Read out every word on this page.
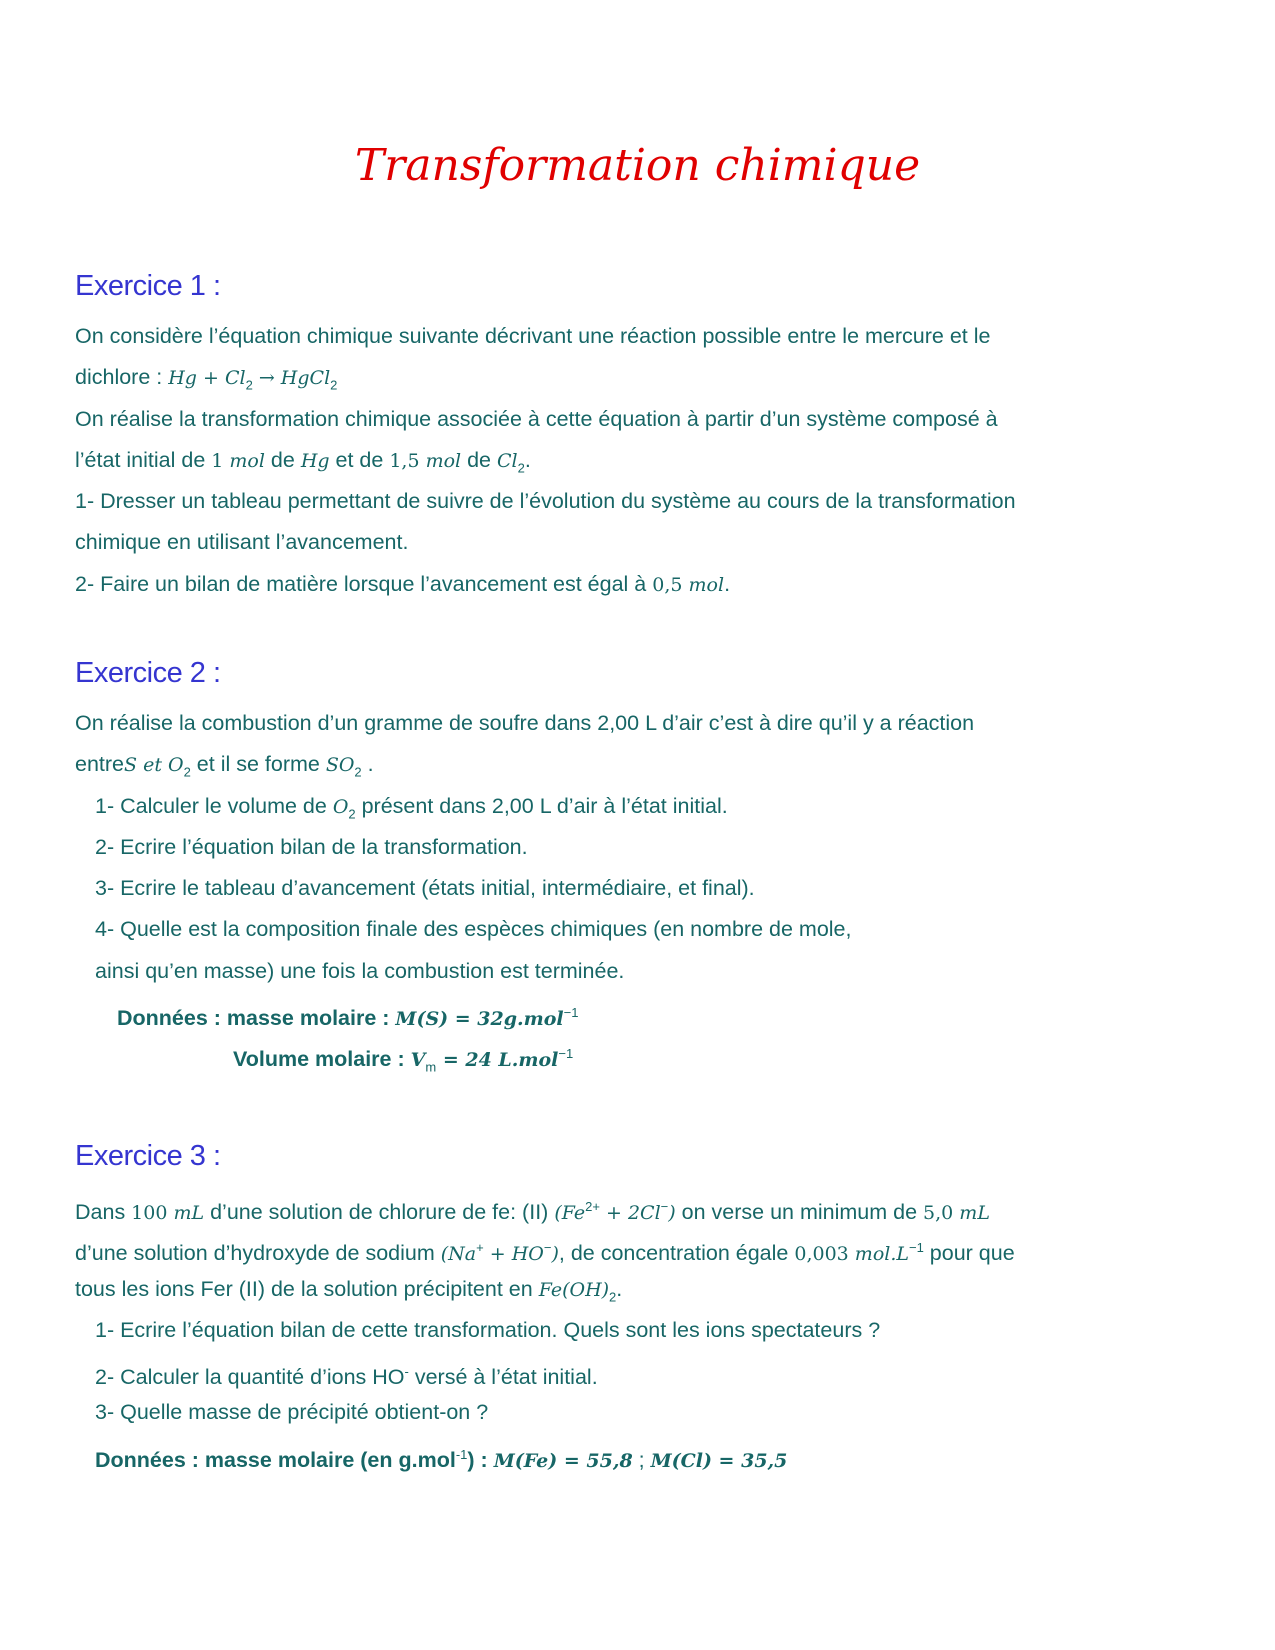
Transformation chimique
Exercice 1 :
On considère l’équation chimique suivante décrivant une réaction possible entre le mercure et le
dichlore : $Hg + Cl_2$ → HgCl$_2$
On réalise la transformation chimique associée à cette équation à partir d’un système composé à
l’état initial de 1 mol de Hg et de 1,5 mol de $Cl_2$.
1- Dresser un tableau permettant de suivre de l’évolution du système au cours de la transformation
chimique en utilisant l’avancement.
2- Faire un bilan de matière lorsque l’avancement est égal à 0,5 mol.
Exercice 2 :
On réalise la combustion d’un gramme de soufre dans 2,00 L d’air c’est à dire qu’il y a réaction
entreS et $O_2$ et il se forme $SO_2$ .
1- Calculer le volume de $O_2$ présent dans 2,00 L d’air à l’état initial.
2- Ecrire l’équation bilan de la transformation.
3- Ecrire le tableau d’avancement (états initial, intermédiaire, et final).
4- Quelle est la composition finale des espèces chimiques (en nombre de mole,
ainsi qu’en masse) une fois la combustion est terminée.
Données : masse molaire : M(S) = 32g.mol$^{-1}$
Volume molaire : $V_m = 24$ L.mol$^{-1}$
Exercice 3 :
Dans 100 mL d’une solution de chlorure de fe: (II) $(Fe^{2+} + 2Cl^-)$ on verse un minimum de 5,0 mL
d’une solution d’hydroxyde de sodium (Na+ + HO−), de concentration égale 0,003 $mol.L^{-1}$ pour que
tous les ions Fer (II) de la solution précipitent en $Fe(OH)_2$.
1- Ecrire l’équation bilan de cette transformation. Quels sont les ions spectateurs ?
2- Calculer la quantité d’ions HO- versé à l’état initial.
3- Quelle masse de précipité obtient-on ?
Données : masse molaire (en g.mol$^{-1}$) : M(Fe) = 55,8 ; M(Cl) = 35,5
